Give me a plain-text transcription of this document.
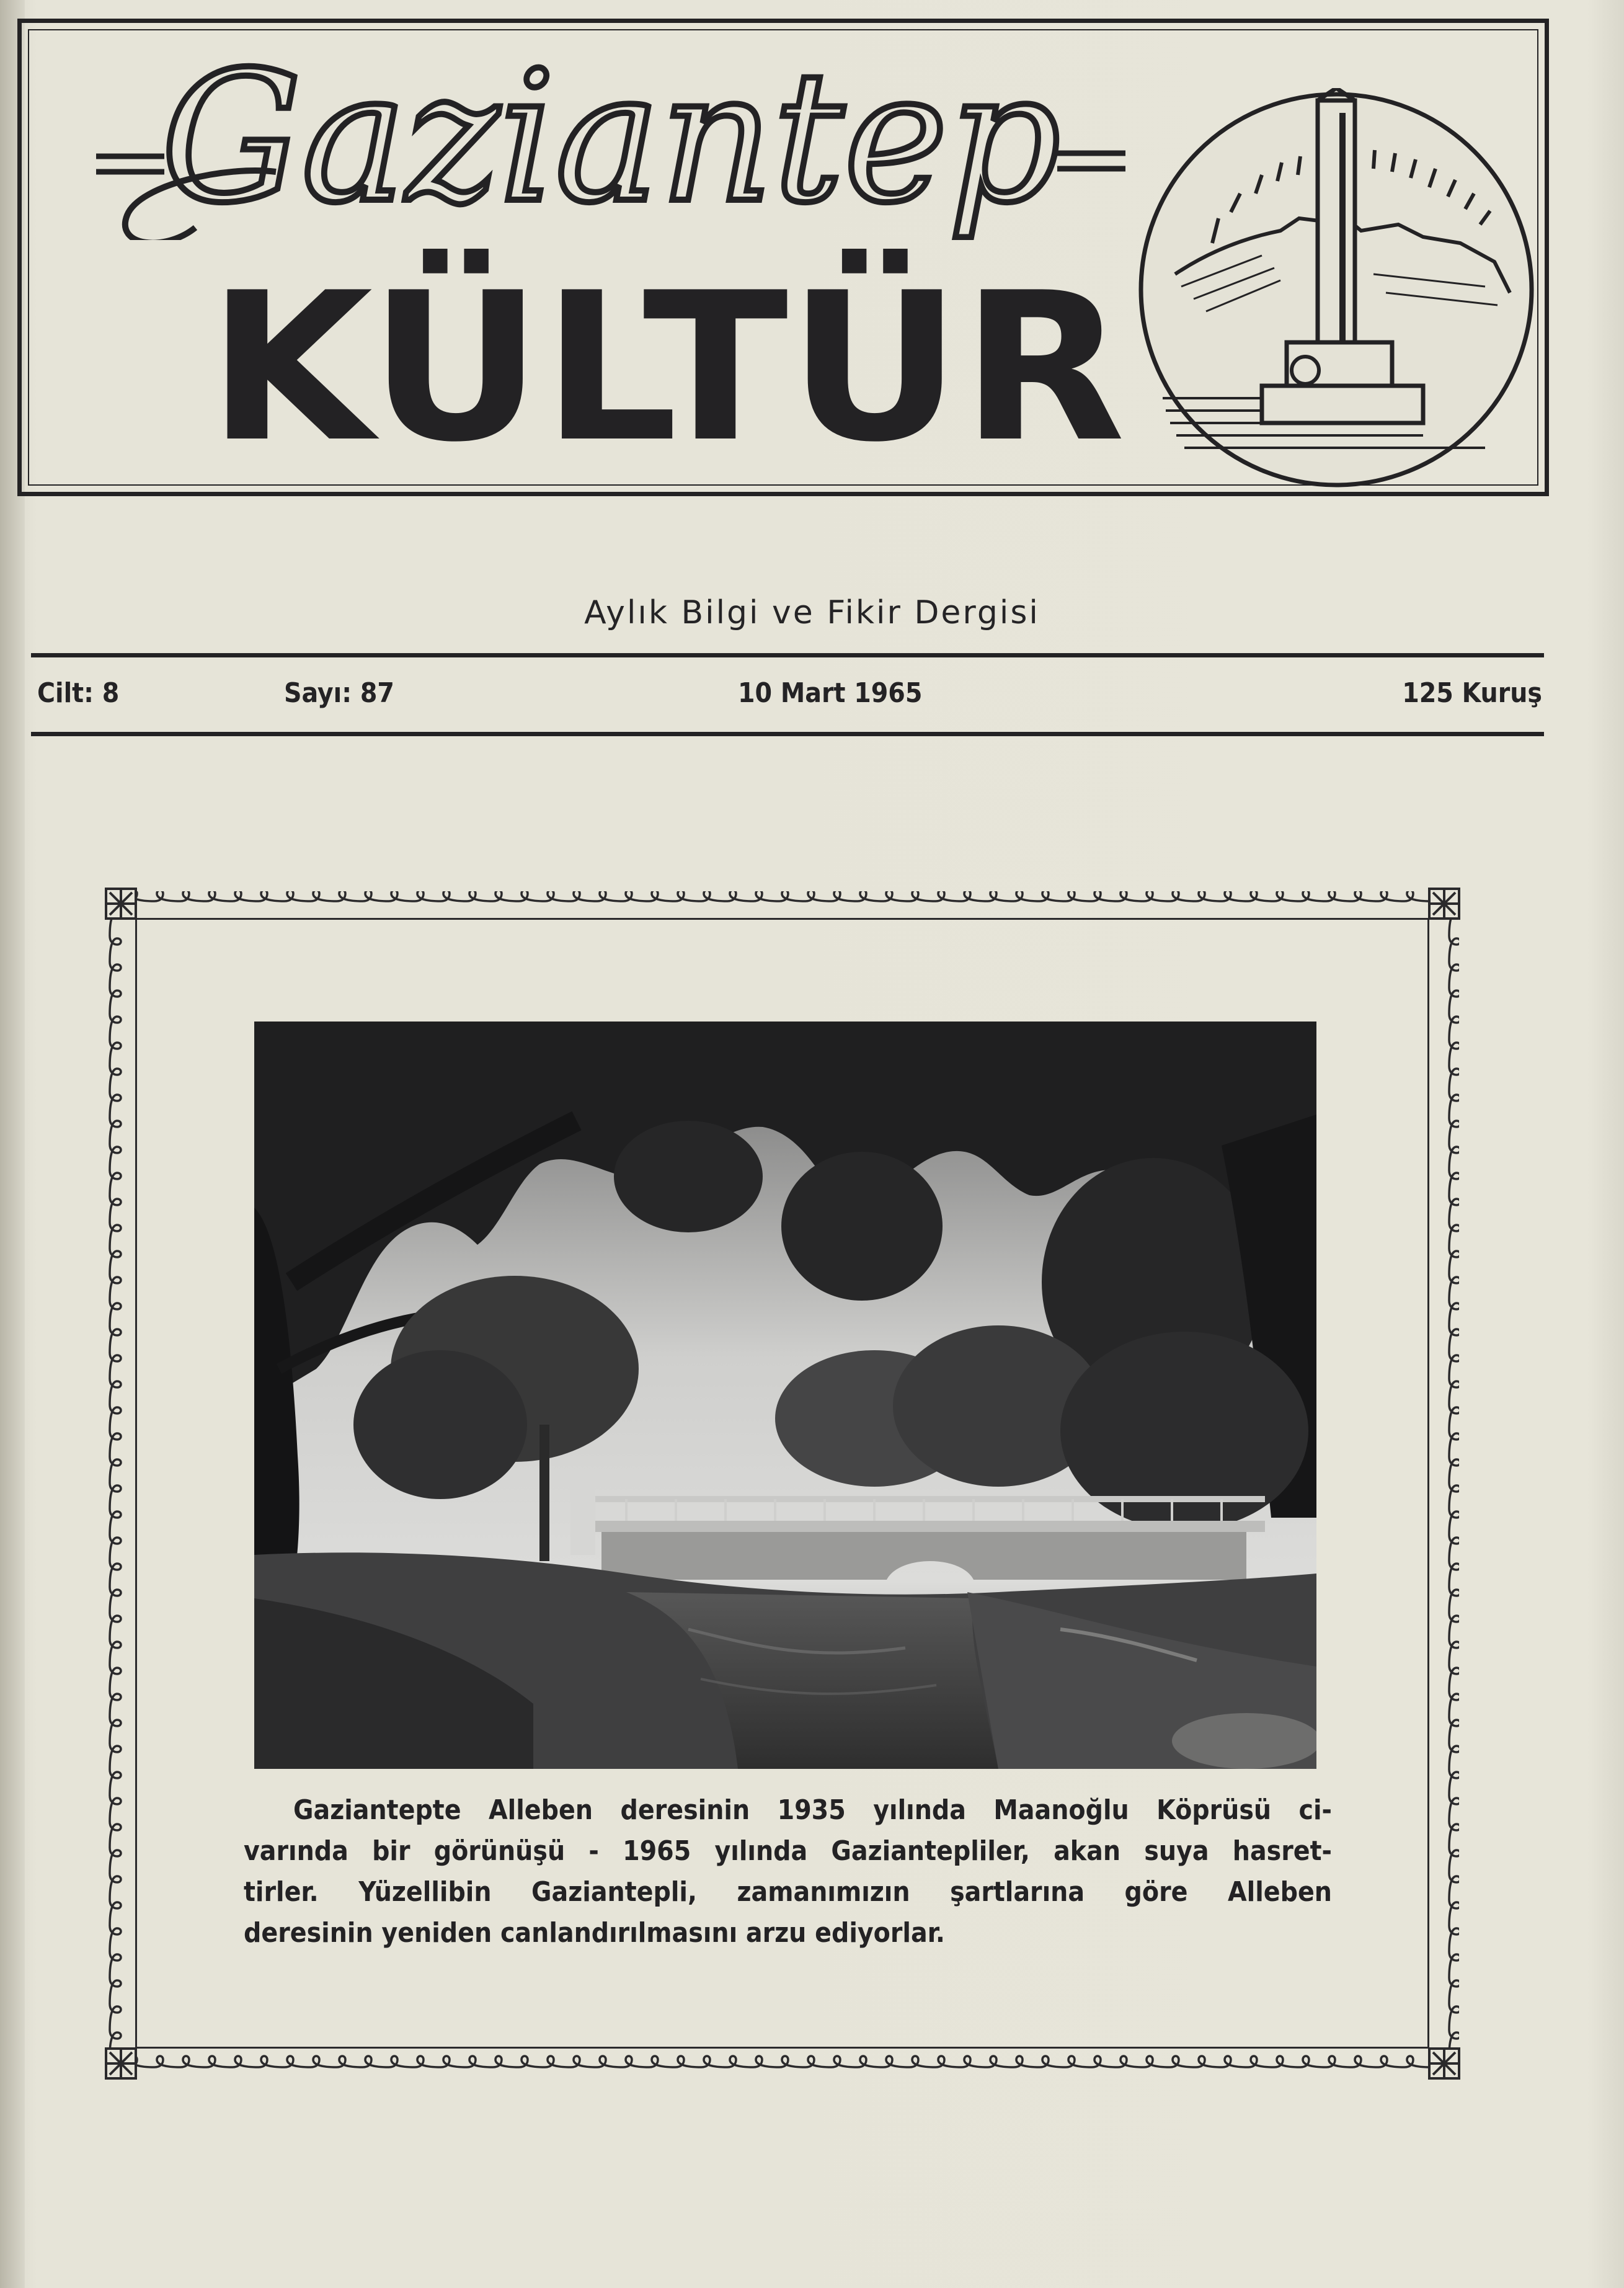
KÜLTÜR
Gaziantep
Aylık Bilgi ve Fikir Dergisi
Cilt: 8	Sayı: 87	10 Mart 1965	125 Kuruş
Gaziantepte Alleben deresinin 1935 yılında Maanoğlu Köprüsü ci-
varında bir görünüşü - 1965 yılında Gaziantepliler, akan suya hasret-
tirler. Yüzellibin Gaziantepli, zamanımızın şartlarına göre Alleben
deresinin yeniden canlandırılmasını arzu ediyorlar.
